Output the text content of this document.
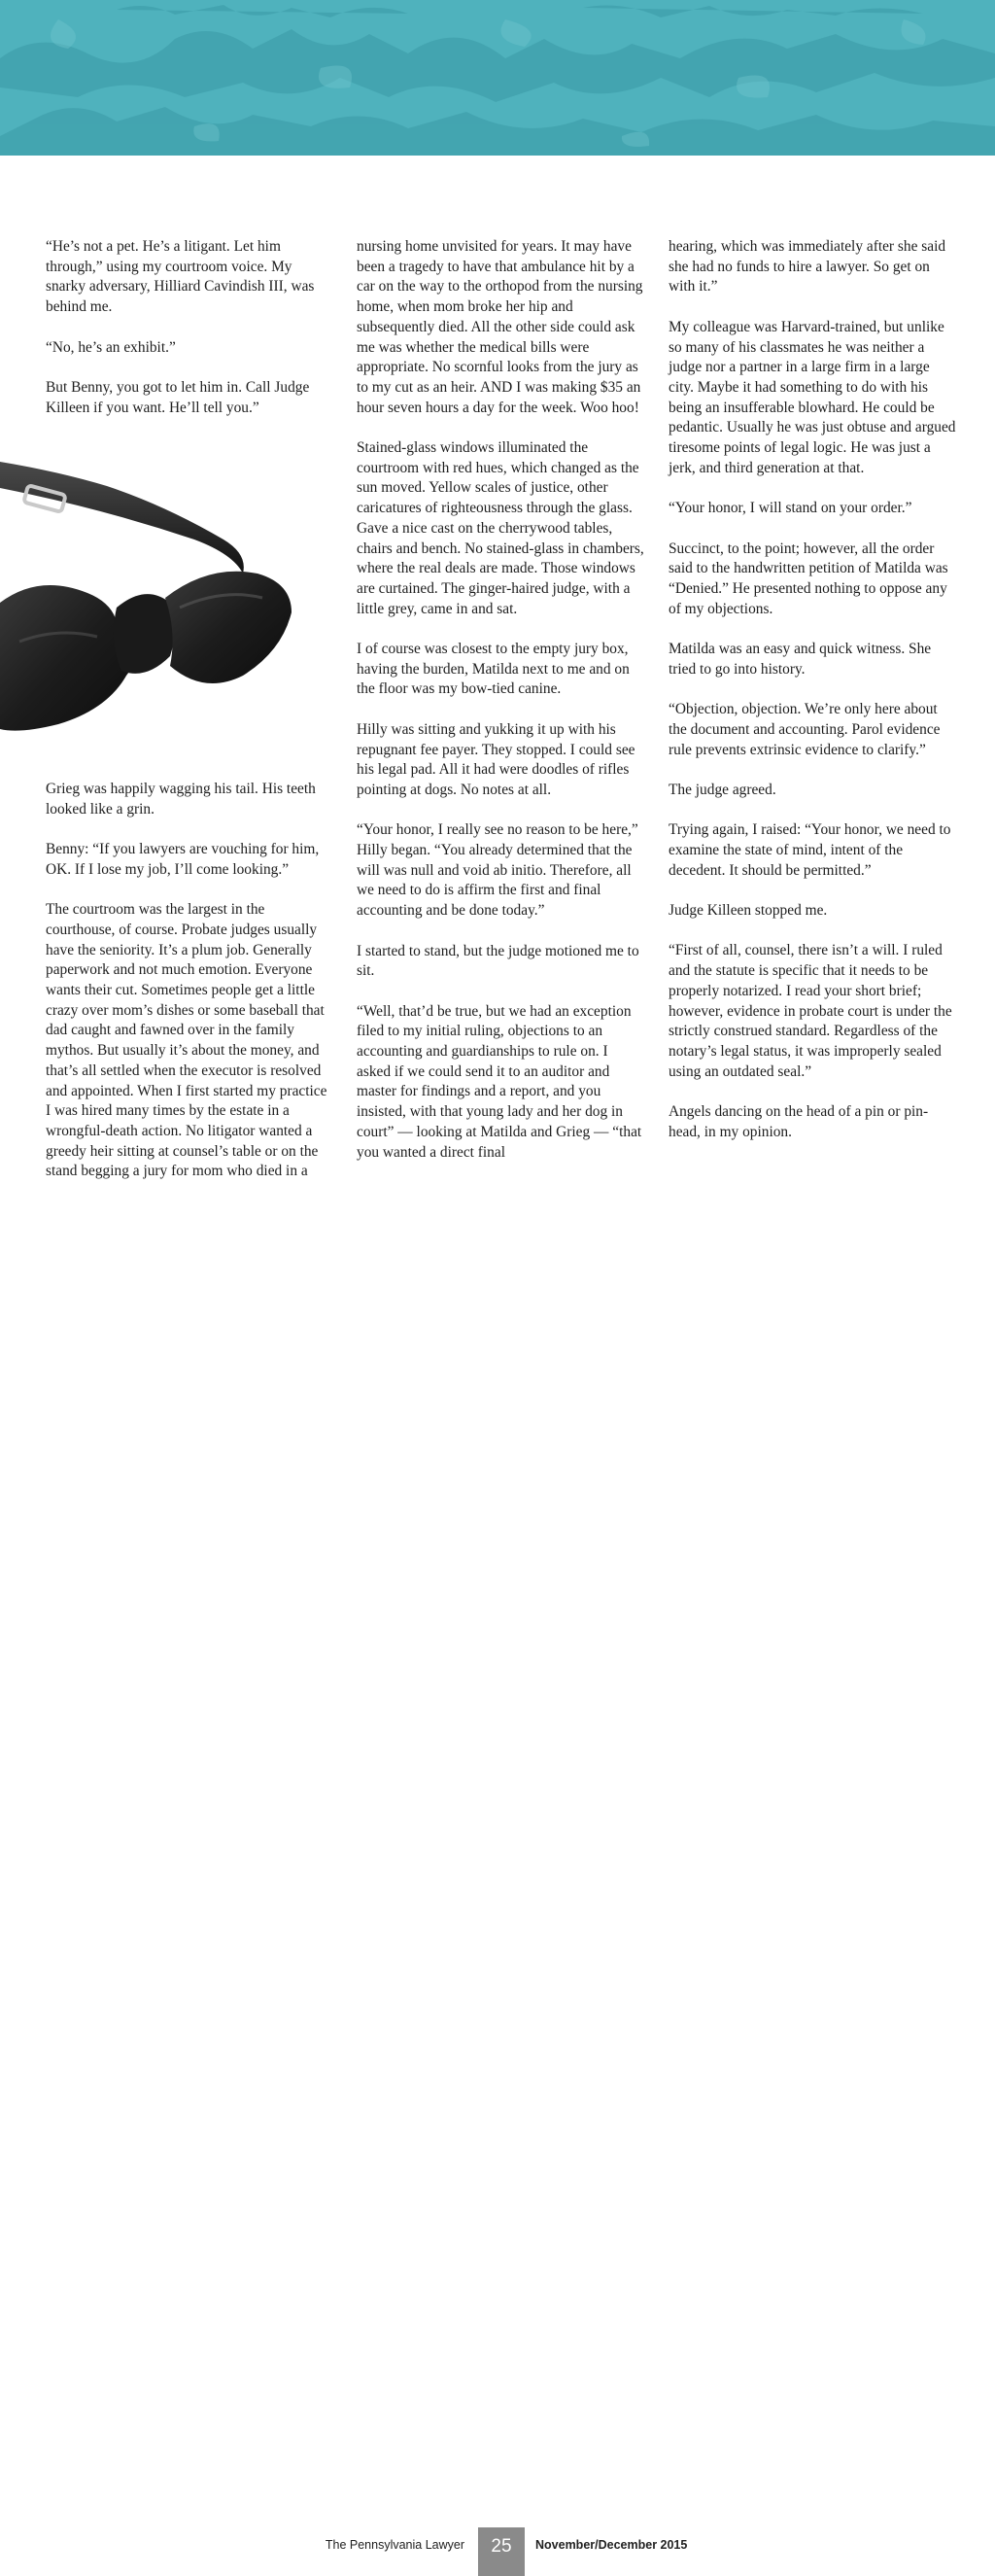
“He’s not a pet. He’s a litigant. Let him through,” using my courtroom voice. My snarky adversary, Hilliard Cavindish III, was behind me.

“No, he’s an exhibit.”

But Benny, you got to let him in. Call Judge Killeen if you want. He’ll tell you.”

Grieg was happily wagging his tail. His teeth looked like a grin.

Benny: “If you lawyers are vouching for him, OK. If I lose my job, I’ll come looking.”

The courtroom was the largest in the courthouse, of course. Probate judges usually have the seniority. It’s a plum job. Generally paperwork and not much emotion. Everyone wants their cut. Sometimes people get a little crazy over mom’s dishes or some baseball that dad caught and fawned over in the family mythos. But usually it’s about the money, and that’s all settled when the executor is resolved and appointed. When I first started my practice I was hired many times by the estate in a wrongful-death action. No litigator wanted a greedy heir sitting at counsel’s table or on the stand begging a jury for mom who died in a

nursing home unvisited for years. It may have been a tragedy to have that ambulance hit by a car on the way to the orthopod from the nursing home, when mom broke her hip and subsequently died. All the other side could ask me was whether the medical bills were appropriate. No scornful looks from the jury as to my cut as an heir. AND I was making $35 an hour seven hours a day for the week. Woo hoo!

Stained-glass windows illuminated the courtroom with red hues, which changed as the sun moved. Yellow scales of justice, other caricatures of righteousness through the glass. Gave a nice cast on the cherrywood tables, chairs and bench. No stained-glass in chambers, where the real deals are made. Those windows are curtained. The ginger-haired judge, with a little grey, came in and sat.

I of course was closest to the empty jury box, having the burden, Matilda next to me and on the floor was my bow-tied canine.

Hilly was sitting and yukking it up with his repugnant fee payer. They stopped. I could see his legal pad. All it had were doodles of rifles pointing at dogs. No notes at all.

“Your honor, I really see no reason to be here,” Hilly began. “You already determined that the will was null and void ab initio. Therefore, all we need to do is affirm the first and final accounting and be done today.”

I started to stand, but the judge motioned me to sit.

“Well, that’d be true, but we had an exception filed to my initial ruling, objections to an accounting and guardianships to rule on. I asked if we could send it to an auditor and master for findings and a report, and you insisted, with that young lady and her dog in court” — looking at Matilda and Grieg — “that you wanted a direct final

hearing, which was immediately after she said she had no funds to hire a lawyer. So get on with it.”

My colleague was Harvard-trained, but unlike so many of his classmates he was neither a judge nor a partner in a large firm in a large city. Maybe it had something to do with his being an insufferable blowhard. He could be pedantic. Usually he was just obtuse and argued tiresome points of legal logic. He was just a jerk, and third generation at that.

“Your honor, I will stand on your order.”

Succinct, to the point; however, all the order said to the handwritten petition of Matilda was “Denied.” He presented nothing to oppose any of my objections.

Matilda was an easy and quick witness. She tried to go into history.

“Objection, objection. We’re only here about the document and accounting. Parol evidence rule prevents extrinsic evidence to clarify.”

The judge agreed.

Trying again, I raised: “Your honor, we need to examine the state of mind, intent of the decedent. It should be permitted.”

Judge Killeen stopped me.

“First of all, counsel, there isn’t a will. I ruled and the statute is specific that it needs to be properly notarized. I read your short brief; however, evidence in probate court is under the strictly construed standard. Regardless of the notary’s legal status, it was improperly sealed using an outdated seal.”

Angels dancing on the head of a pin or pin-head, in my opinion.

The Pennsylvania Lawyer	25	November/December 2015
